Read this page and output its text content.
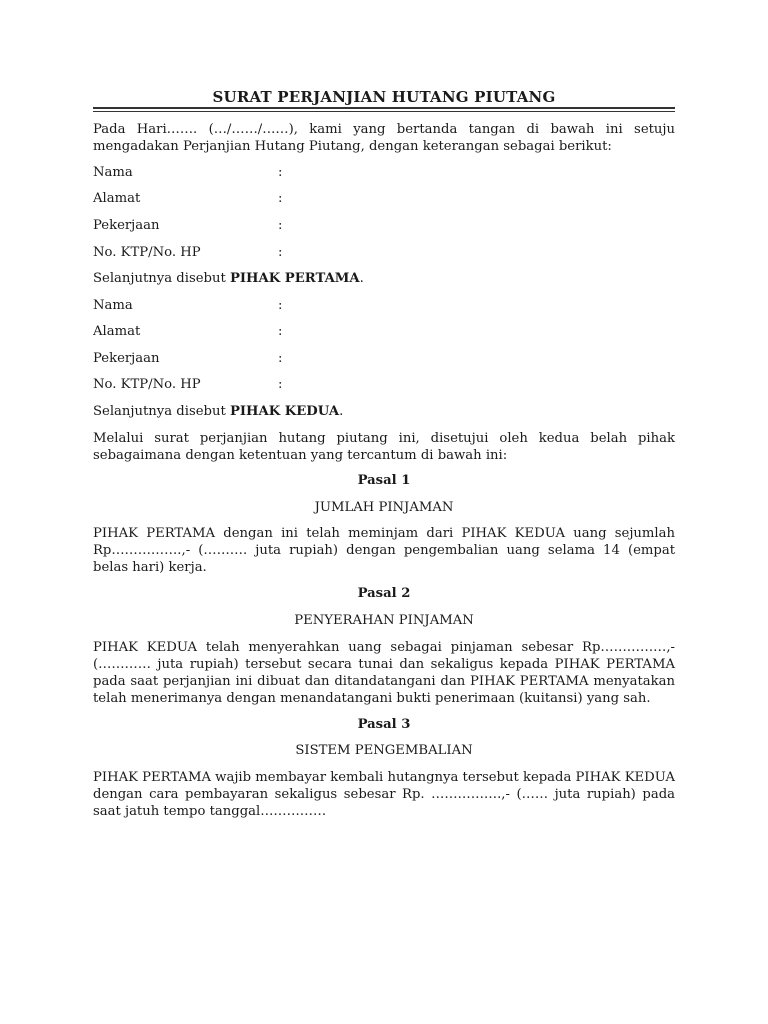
SURAT PERJANJIAN HUTANG PIUTANG
Pada Hari……. (…/……/……), kami yang bertanda tangan di bawah ini setuju mengadakan Perjanjian Hutang Piutang, dengan keterangan sebagai berikut:
Nama	:
Alamat	:
Pekerjaan	:
No. KTP/No. HP	:
Selanjutnya disebut PIHAK PERTAMA.
Nama	:
Alamat	:
Pekerjaan	:
No. KTP/No. HP	:
Selanjutnya disebut PIHAK KEDUA.
Melalui surat perjanjian hutang piutang ini, disetujui oleh kedua belah pihak sebagaimana dengan ketentuan yang tercantum di bawah ini:
Pasal 1
JUMLAH PINJAMAN
PIHAK PERTAMA dengan ini telah meminjam dari PIHAK KEDUA uang sejumlah Rp…………….,- (………. juta rupiah) dengan pengembalian uang selama 14 (empat belas hari) kerja.
Pasal 2
PENYERAHAN PINJAMAN
PIHAK KEDUA telah menyerahkan uang sebagai pinjaman sebesar Rp……………,- (………… juta rupiah) tersebut secara tunai dan sekaligus kepada PIHAK PERTAMA pada saat perjanjian ini dibuat dan ditandatangani dan PIHAK PERTAMA menyatakan telah menerimanya dengan menandatangani bukti penerimaan (kuitansi) yang sah.
Pasal 3
SISTEM PENGEMBALIAN
PIHAK PERTAMA wajib membayar kembali hutangnya tersebut kepada PIHAK KEDUA dengan cara pembayaran sekaligus sebesar Rp. …………….,- (…… juta rupiah) pada saat jatuh tempo tanggal……………
